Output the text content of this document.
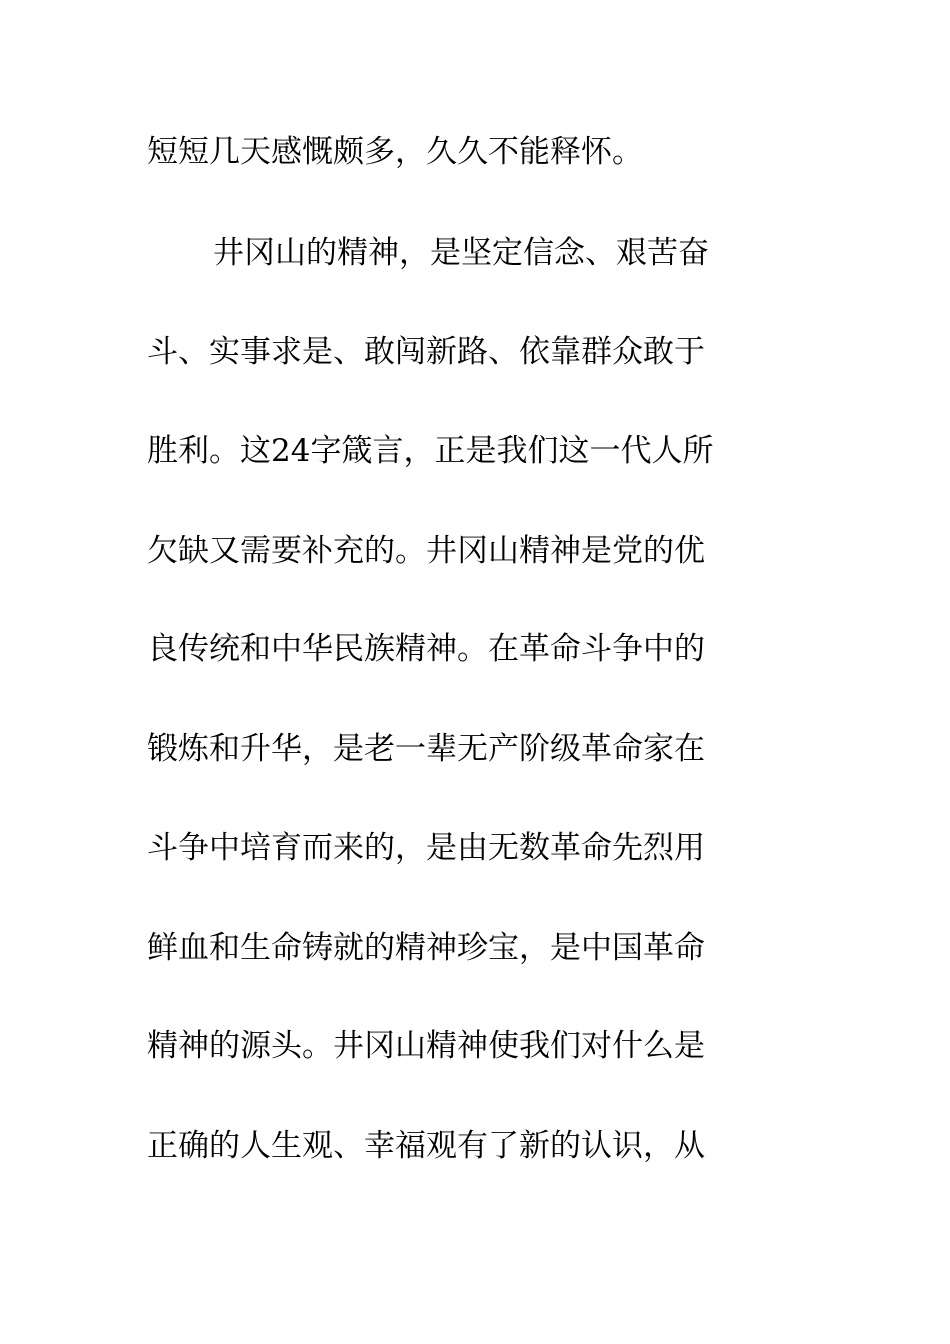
短短几天感慨颇多，久久不能释怀。
井冈山的精神，是坚定信念、艰苦奋
斗、实事求是、敢闯新路、依靠群众敢于
胜利。这24字箴言，正是我们这一代人所
欠缺又需要补充的。井冈山精神是党的优
良传统和中华民族精神。在革命斗争中的
锻炼和升华，是老一辈无产阶级革命家在
斗争中培育而来的，是由无数革命先烈用
鲜血和生命铸就的精神珍宝，是中国革命
精神的源头。井冈山精神使我们对什么是
正确的人生观、幸福观有了新的认识，从
